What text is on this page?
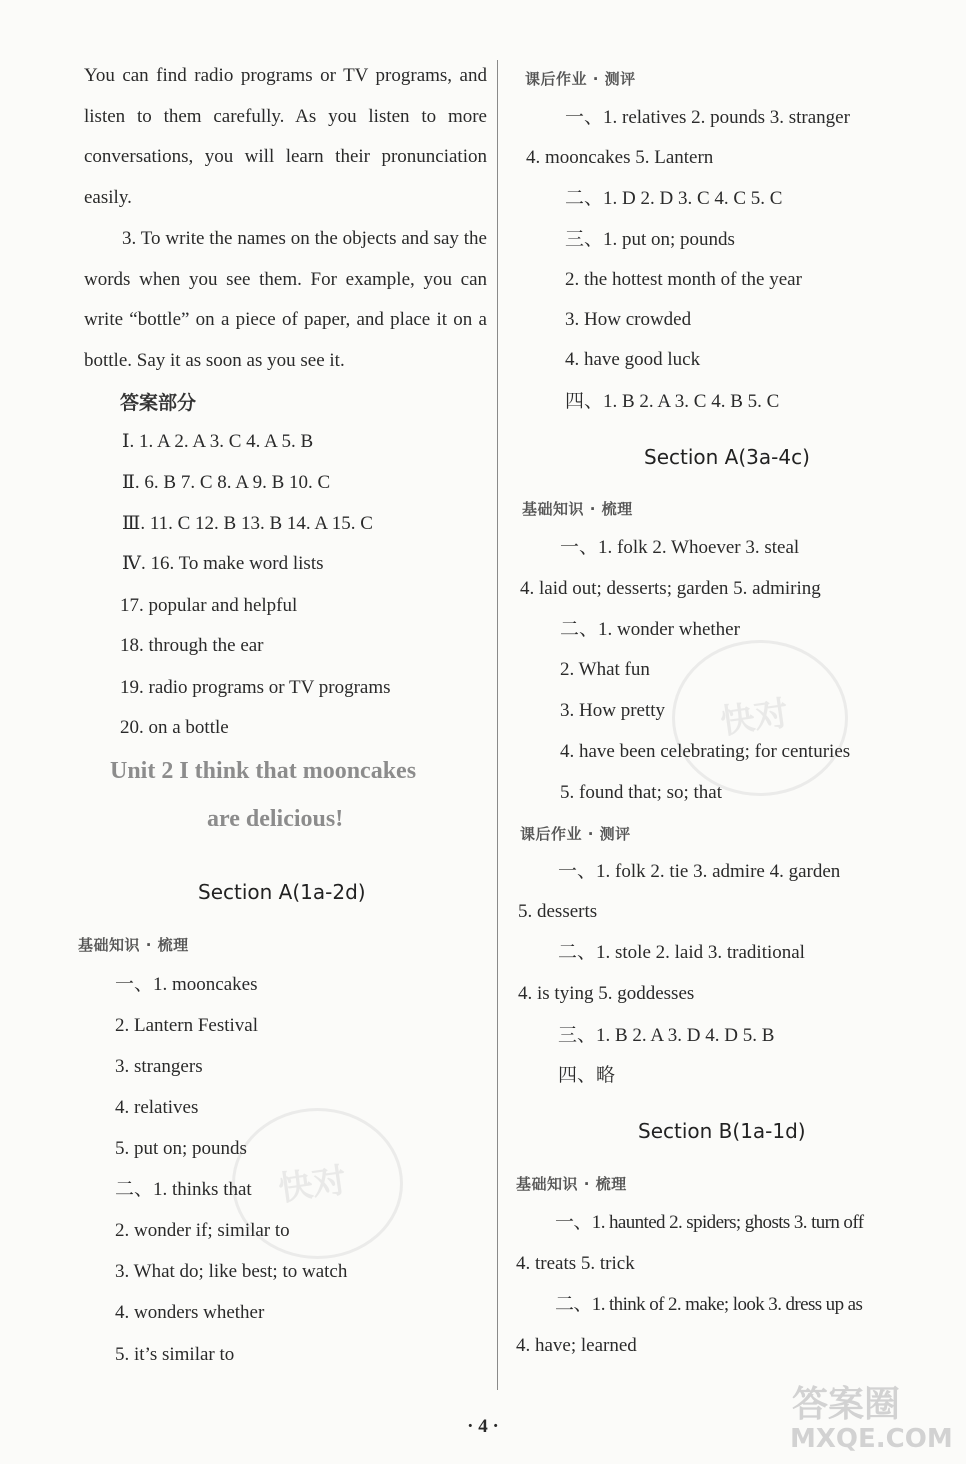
快对
快对
答案圈
MXQE.COM
You can find radio programs or TV programs, and listen to them carefully. As you listen to more conversations, you will learn their pronunciation easily.
3. To write the names on the objects and say the words when you see them. For example, you can write “bottle” on a piece of paper, and place it on a bottle. Say it as soon as you see it.
答案部分
Ⅰ. 1. A 2. A 3. C 4. A 5. B
Ⅱ. 6. B 7. C 8. A 9. B 10. C
Ⅲ. 11. C 12. B 13. B 14. A 15. C
Ⅳ. 16. To make word lists
17. popular and helpful
18. through the ear
19. radio programs or TV programs
20. on a bottle
Unit 2 I think that mooncakes
are delicious!
Section A(1a-2d)
基础知识 · 梳理
一、1. mooncakes
2. Lantern Festival
3. strangers
4. relatives
5. put on; pounds
二、1. thinks that
2. wonder if; similar to
3. What do; like best; to watch
4. wonders whether
5. it’s similar to
课后作业 · 测评
一、1. relatives 2. pounds 3. stranger
4. mooncakes 5. Lantern
二、1. D 2. D 3. C 4. C 5. C
三、1. put on; pounds
2. the hottest month of the year
3. How crowded
4. have good luck
四、1. B 2. A 3. C 4. B 5. C
Section A(3a-4c)
基础知识 · 梳理
一、1. folk 2. Whoever 3. steal
4. laid out; desserts; garden 5. admiring
二、1. wonder whether
2. What fun
3. How pretty
4. have been celebrating; for centuries
5. found that; so; that
课后作业 · 测评
一、1. folk 2. tie 3. admire 4. garden
5. desserts
二、1. stole 2. laid 3. traditional
4. is tying 5. goddesses
三、1. B 2. A 3. D 4. D 5. B
四、略
Section B(1a-1d)
基础知识 · 梳理
一、1. haunted 2. spiders; ghosts 3. turn off
4. treats 5. trick
二、1. think of 2. make; look 3. dress up as
4. have; learned
· 4 ·
